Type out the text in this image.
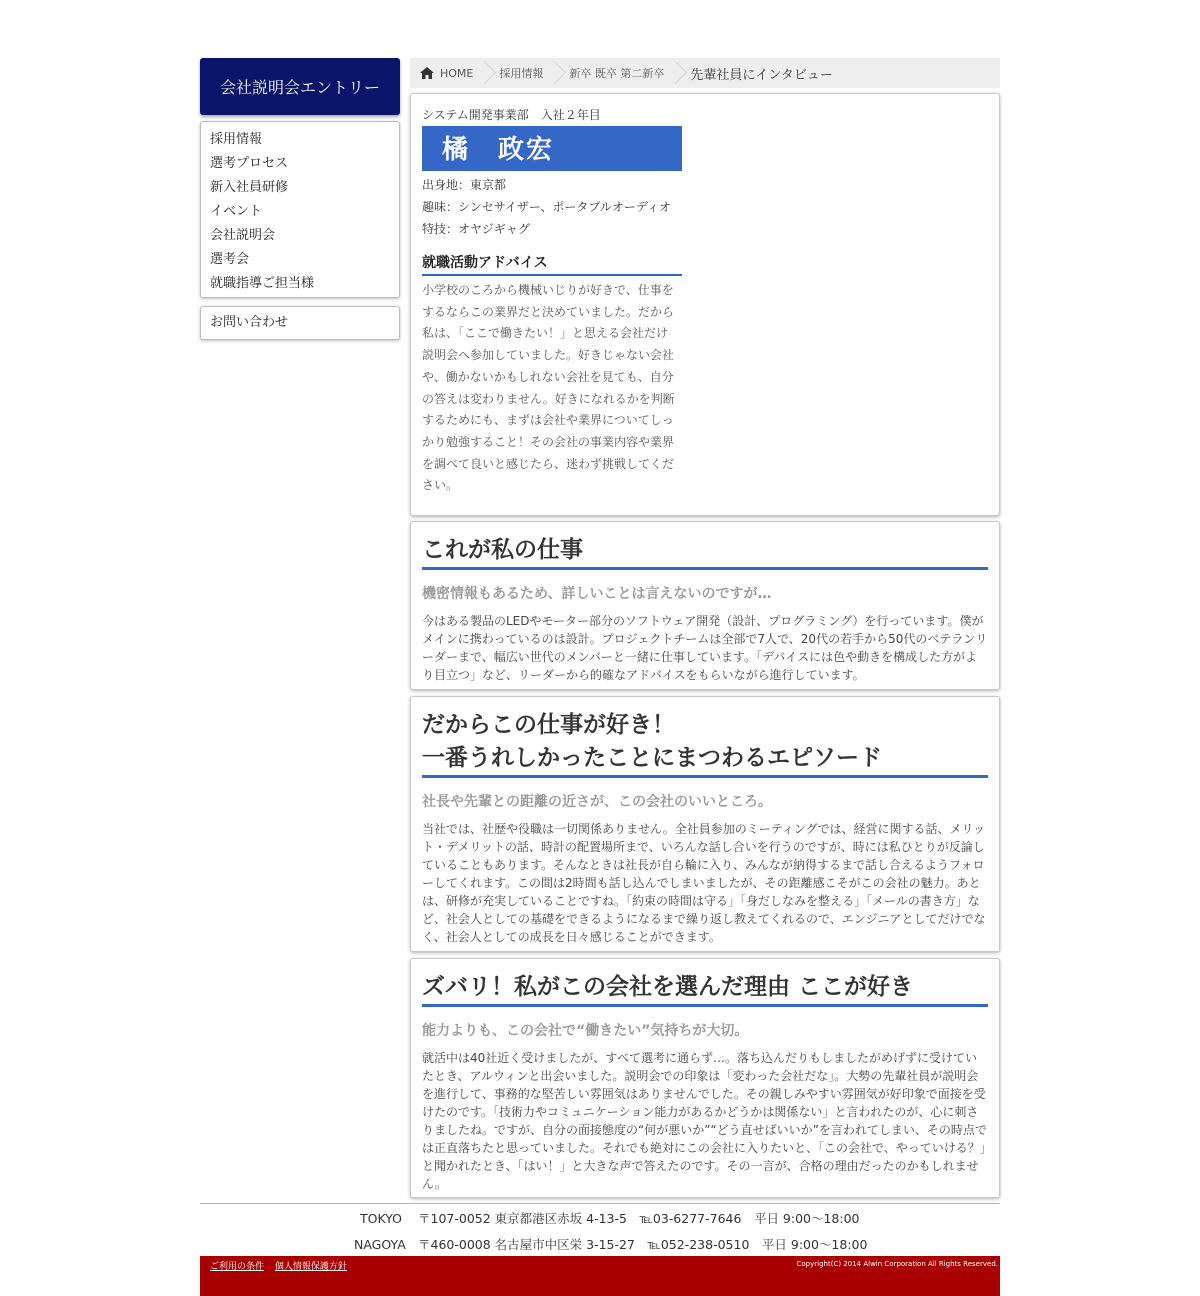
会社説明会エントリー
採用情報
選考プロセス
新入社員研修
イベント
会社説明会
選考会
就職指導ご担当様
お問い合わせ
HOME 採用情報 新卒 既卒 第二新卒 先輩社員にインタビュー
システム開発事業部　入社２年目
橘　政宏
出身地：東京都
趣味：シンセサイザー、ポータブルオーディオ
特技：オヤジギャグ
就職活動アドバイス
小学校のころから機械いじりが好きで、仕事をするならこの業界だと決めていました。だから私は、「ここで働きたい！」と思える会社だけ説明会へ参加していました。好きじゃない会社や、働かないかもしれない会社を見ても、自分の答えは変わりません。好きになれるかを判断するためにも、まずは会社や業界についてしっかり勉強すること！その会社の事業内容や業界を調べて良いと感じたら、迷わず挑戦してください。
これが私の仕事
機密情報もあるため、詳しいことは言えないのですが…
今はある製品のLEDやモーター部分のソフトウェア開発（設計、プログラミング）を行っています。僕がメインに携わっているのは設計。プロジェクトチームは全部で7人で、20代の若手から50代のベテランリーダーまで、幅広い世代のメンバーと一緒に仕事しています。「デバイスには色や動きを構成した方がより目立つ」など、リーダーから的確なアドバイスをもらいながら進行しています。
だからこの仕事が好き！
一番うれしかったことにまつわるエピソード
社長や先輩との距離の近さが、この会社のいいところ。
当社では、社歴や役職は一切関係ありません。全社員参加のミーティングでは、経営に関する話、メリット・デメリットの話、時計の配置場所まで、いろんな話し合いを行うのですが、時には私ひとりが反論していることもあります。そんなときは社長が自ら輪に入り、みんなが納得するまで話し合えるようフォローしてくれます。この間は2時間も話し込んでしまいましたが、その距離感こそがこの会社の魅力。あとは、研修が充実していることですね。「約束の時間は守る」「身だしなみを整える」「メールの書き方」など、社会人としての基礎をできるようになるまで繰り返し教えてくれるので、エンジニアとしてだけでなく、社会人としての成長を日々感じることができます。
ズバリ！私がこの会社を選んだ理由 ここが好き
能力よりも、この会社で“働きたい”気持ちが大切。
就活中は40社近く受けましたが、すべて選考に通らず…。落ち込んだりもしましたがめげずに受けていたとき、アルウィンと出会いました。説明会での印象は「変わった会社だな」。大勢の先輩社員が説明会を進行して、事務的な堅苦しい雰囲気はありませんでした。その親しみやすい雰囲気が好印象で面接を受けたのです。「技術力やコミュニケーション能力があるかどうかは関係ない」と言われたのが、心に刺さりましたね。ですが、自分の面接態度の“何が悪いか”“どう直せばいいか”を言われてしまい、その時点では正直落ちたと思っていました。それでも絶対にこの会社に入りたいと、「この会社で、やっていける？」と聞かれたとき、「はい！」と大きな声で答えたのです。その一言が、合格の理由だったのかもしれません。
TOKYO 〒107-0052 東京都港区赤坂 4-13-5　℡03-6277-7646　平日 9:00〜18:00
NAGOYA 〒460-0008 名古屋市中区栄 3-15-27　℡052-238-0510　平日 9:00〜18:00
ご利用の条件 個人情報保護方針	Copyright(C) 2014 Alwin Corporation All Rights Reserved.
